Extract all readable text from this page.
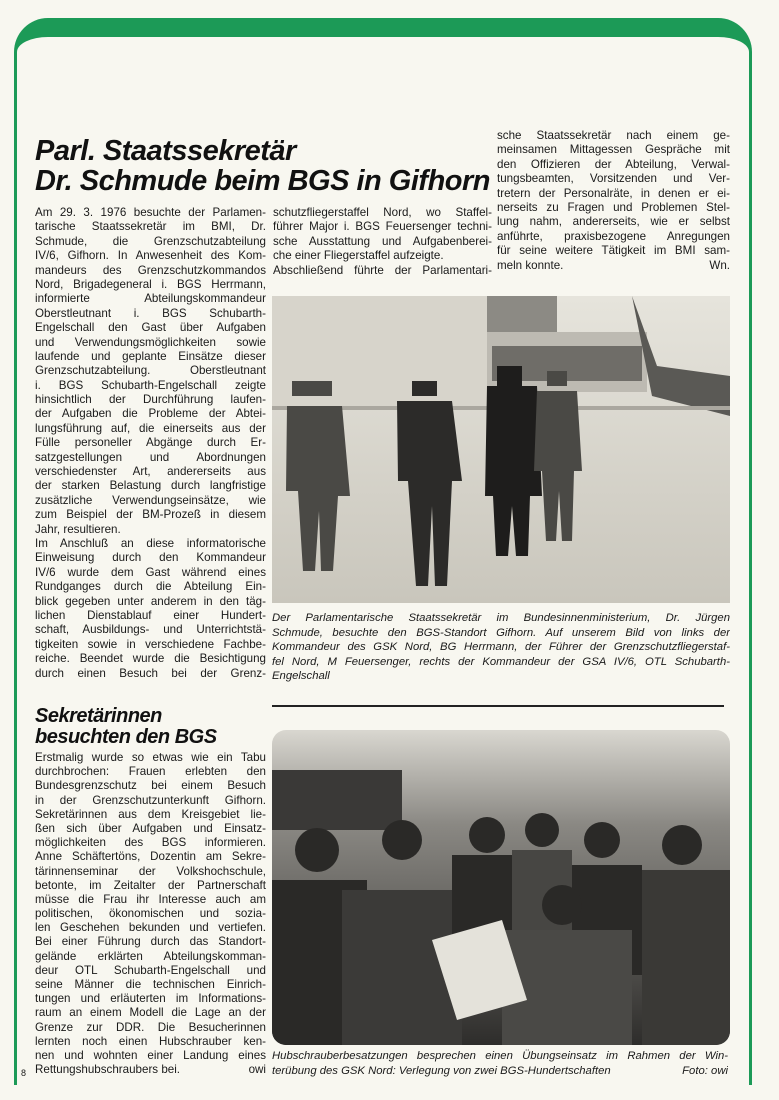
Parl. Staatssekretär
Dr. Schmude beim BGS in Gifhorn
Am 29. 3. 1976 besuchte der Parlamen-
tarische Staatssekretär im BMI, Dr.
Schmude, die Grenzschutzabteilung
IV/6, Gifhorn. In Anwesenheit des Kom-
mandeurs des Grenzschutzkommandos
Nord, Brigadegeneral i. BGS Herrmann,
informierte Abteilungskommandeur
Oberstleutnant i. BGS Schubarth-
Engelschall den Gast über Aufgaben
und Verwendungsmöglichkeiten sowie
laufende und geplante Einsätze dieser
Grenzschutzabteilung. Oberstleutnant
i. BGS Schubarth-Engelschall zeigte
hinsichtlich der Durchführung laufen-
der Aufgaben die Probleme der Abtei-
lungsführung auf, die einerseits aus der
Fülle personeller Abgänge durch Er-
satzgestellungen und Abordnungen
verschiedenster Art, andererseits aus
der starken Belastung durch langfristige
zusätzliche Verwendungseinsätze, wie
zum Beispiel der BM-Prozeß in diesem
Jahr, resultieren.
Im Anschluß an diese informatorische
Einweisung durch den Kommandeur
IV/6 wurde dem Gast während eines
Rundganges durch die Abteilung Ein-
blick gegeben unter anderem in den täg-
lichen Dienstablauf einer Hundert-
schaft, Ausbildungs- und Unterrichtstä-
tigkeiten sowie in verschiedene Fachbe-
reiche. Beendet wurde die Besichtigung
durch einen Besuch bei der Grenz-
schutzfliegerstaffel Nord, wo Staffel-
führer Major i. BGS Feuersenger techni-
sche Ausstattung und Aufgabenberei-
che einer Fliegerstaffel aufzeigte.
Abschließend führte der Parlamentari-
sche Staatssekretär nach einem ge-
meinsamen Mittagessen Gespräche mit
den Offizieren der Abteilung, Verwal-
tungsbeamten, Vorsitzenden und Ver-
tretern der Personalräte, in denen er ei-
nerseits zu Fragen und Problemen Stel-
lung nahm, andererseits, wie er selbst
anführte, praxisbezogene Anregungen
für seine weitere Tätigkeit im BMI sam-
meln konnte.	Wn.
Der Parlamentarische Staatssekretär im Bundesinnenministerium, Dr. Jürgen
Schmude, besuchte den BGS-Standort Gifhorn. Auf unserem Bild von links der
Kommandeur des GSK Nord, BG Herrmann, der Führer der Grenzschutzfliegerstaf-
fel Nord, M Feuersenger, rechts der Kommandeur der GSA IV/6, OTL Schubarth-
Engelschall
Sekretärinnen
besuchten den BGS
Erstmalig wurde so etwas wie ein Tabu
durchbrochen: Frauen erlebten den
Bundesgrenzschutz bei einem Besuch
in der Grenzschutzunterkunft Gifhorn.
Sekretärinnen aus dem Kreisgebiet lie-
ßen sich über Aufgaben und Einsatz-
möglichkeiten des BGS informieren.
Anne Schäftertöns, Dozentin am Sekre-
tärinnenseminar der Volkshochschule,
betonte, im Zeitalter der Partnerschaft
müsse die Frau ihr Interesse auch am
politischen, ökonomischen und sozia-
len Geschehen bekunden und vertiefen.
Bei einer Führung durch das Standort-
gelände erklärten Abteilungskomman-
deur OTL Schubarth-Engelschall und
seine Männer die technischen Einrich-
tungen und erläuterten im Informations-
raum an einem Modell die Lage an der
Grenze zur DDR. Die Besucherinnen
lernten noch einen Hubschrauber ken-
nen und wohnten einer Landung eines
Rettungshubschraubers bei.	owi
Hubschrauberbesatzungen besprechen einen Übungseinsatz im Rahmen der Win-
terübung des GSK Nord: Verlegung von zwei BGS-Hundertschaften	Foto: owi
8
